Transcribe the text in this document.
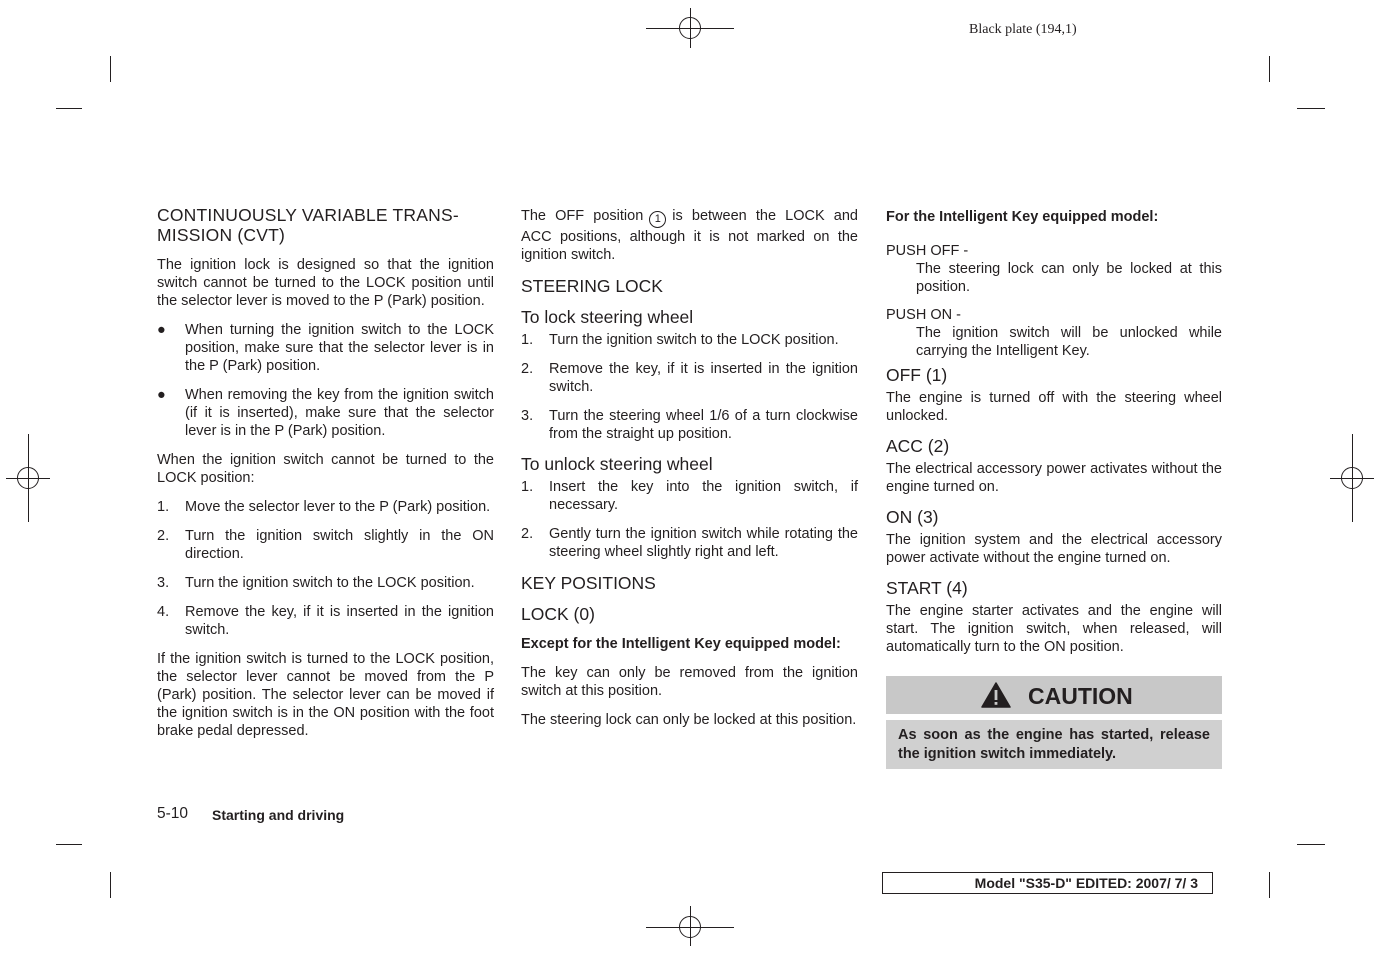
Black plate (194,1)
CONTINUOUSLY VARIABLE TRANS-
MISSION (CVT)

The ignition lock is designed so that the ignition switch cannot be turned to the LOCK position until the selector lever is moved to the P (Park) position.

● When turning the ignition switch to the LOCK position, make sure that the selector lever is in the P (Park) position.
● When removing the key from the ignition switch (if it is inserted), make sure that the selector lever is in the P (Park) position.

When the ignition switch cannot be turned to the LOCK position:

1. Move the selector lever to the P (Park) position.
2. Turn the ignition switch slightly in the ON direction.
3. Turn the ignition switch to the LOCK position.
4. Remove the key, if it is inserted in the ignition switch.

If the ignition switch is turned to the LOCK position, the selector lever cannot be moved from the P (Park) position. The selector lever can be moved if the ignition switch is in the ON position with the foot brake pedal depressed.

The OFF position 1 is between the LOCK and ACC positions, although it is not marked on the ignition switch.

STEERING LOCK
To lock steering wheel
1. Turn the ignition switch to the LOCK position.
2. Remove the key, if it is inserted in the ignition switch.
3. Turn the steering wheel 1/6 of a turn clockwise from the straight up position.
To unlock steering wheel
1. Insert the key into the ignition switch, if necessary.
2. Gently turn the ignition switch while rotating the steering wheel slightly right and left.
KEY POSITIONS
LOCK (0)

Except for the Intelligent Key equipped model:

The key can only be removed from the ignition switch at this position.

The steering lock can only be locked at this position.

For the Intelligent Key equipped model:

PUSH OFF -

The steering lock can only be locked at this position.

PUSH ON -

The ignition switch will be unlocked while carrying the Intelligent Key.

OFF (1)

The engine is turned off with the steering wheel unlocked.

ACC (2)

The electrical accessory power activates without the engine turned on.

ON (3)

The ignition system and the electrical accessory power activate without the engine turned on.

START (4)

The engine starter activates and the engine will start. The ignition switch, when released, will automatically turn to the ON position.

CAUTION
As soon as the engine has started, release the ignition switch immediately.
5-10 Starting and driving
Model "S35-D" EDITED: 2007/ 7/ 3
